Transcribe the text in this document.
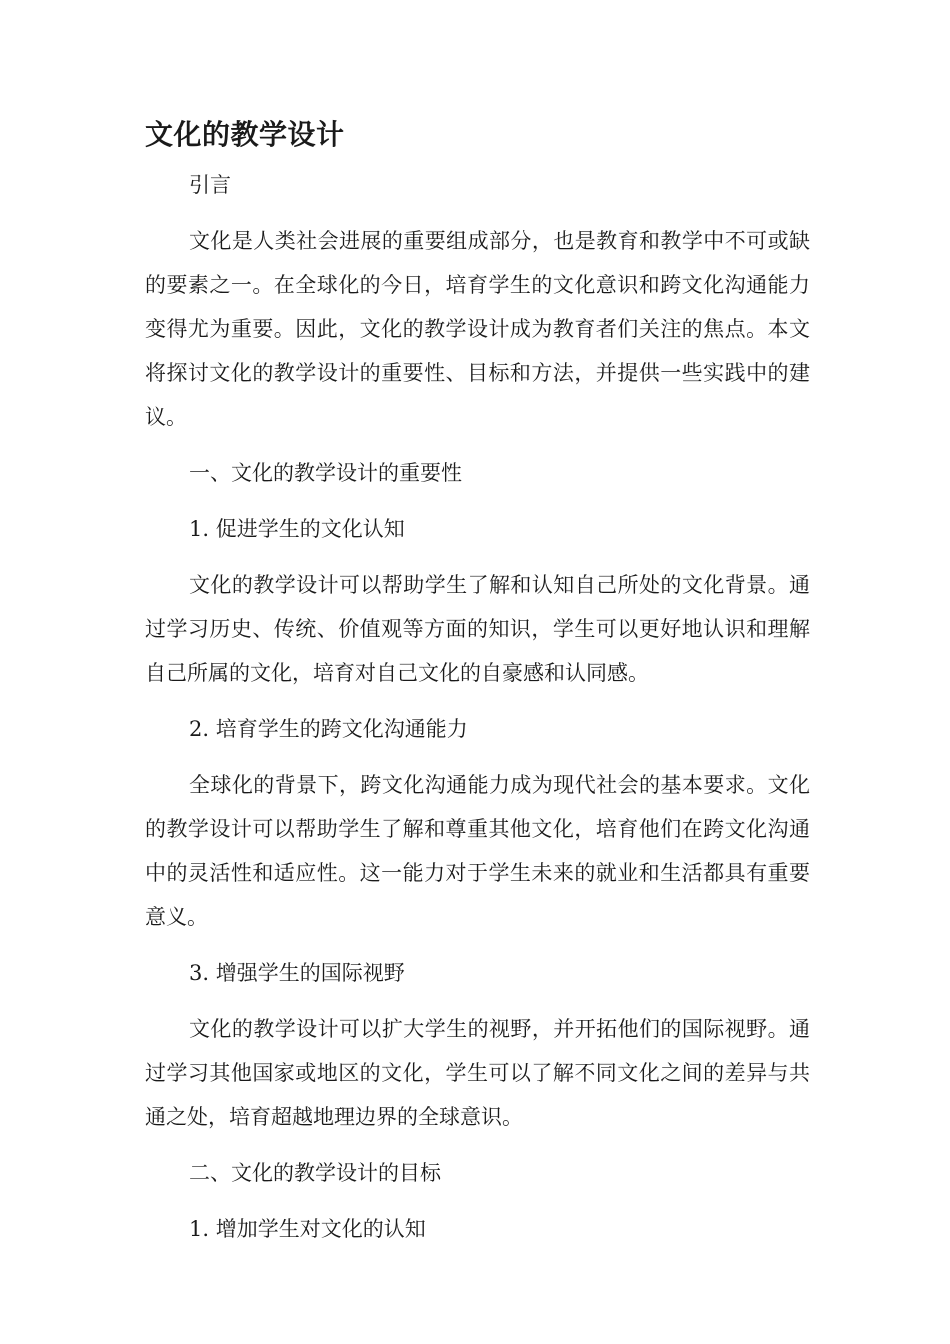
文化的教学设计
引言
文化是人类社会进展的重要组成部分，也是教育和教学中不可或缺的要素之一。在全球化的今日，培育学生的文化意识和跨文化沟通能力变得尤为重要。因此，文化的教学设计成为教育者们关注的焦点。本文将探讨文化的教学设计的重要性、目标和方法，并提供一些实践中的建议。
一、文化的教学设计的重要性
1. 促进学生的文化认知
文化的教学设计可以帮助学生了解和认知自己所处的文化背景。通过学习历史、传统、价值观等方面的知识，学生可以更好地认识和理解自己所属的文化，培育对自己文化的自豪感和认同感。
2. 培育学生的跨文化沟通能力
全球化的背景下，跨文化沟通能力成为现代社会的基本要求。文化的教学设计可以帮助学生了解和尊重其他文化，培育他们在跨文化沟通中的灵活性和适应性。这一能力对于学生未来的就业和生活都具有重要意义。
3. 增强学生的国际视野
文化的教学设计可以扩大学生的视野，并开拓他们的国际视野。通过学习其他国家或地区的文化，学生可以了解不同文化之间的差异与共通之处，培育超越地理边界的全球意识。
二、文化的教学设计的目标
1. 增加学生对文化的认知
